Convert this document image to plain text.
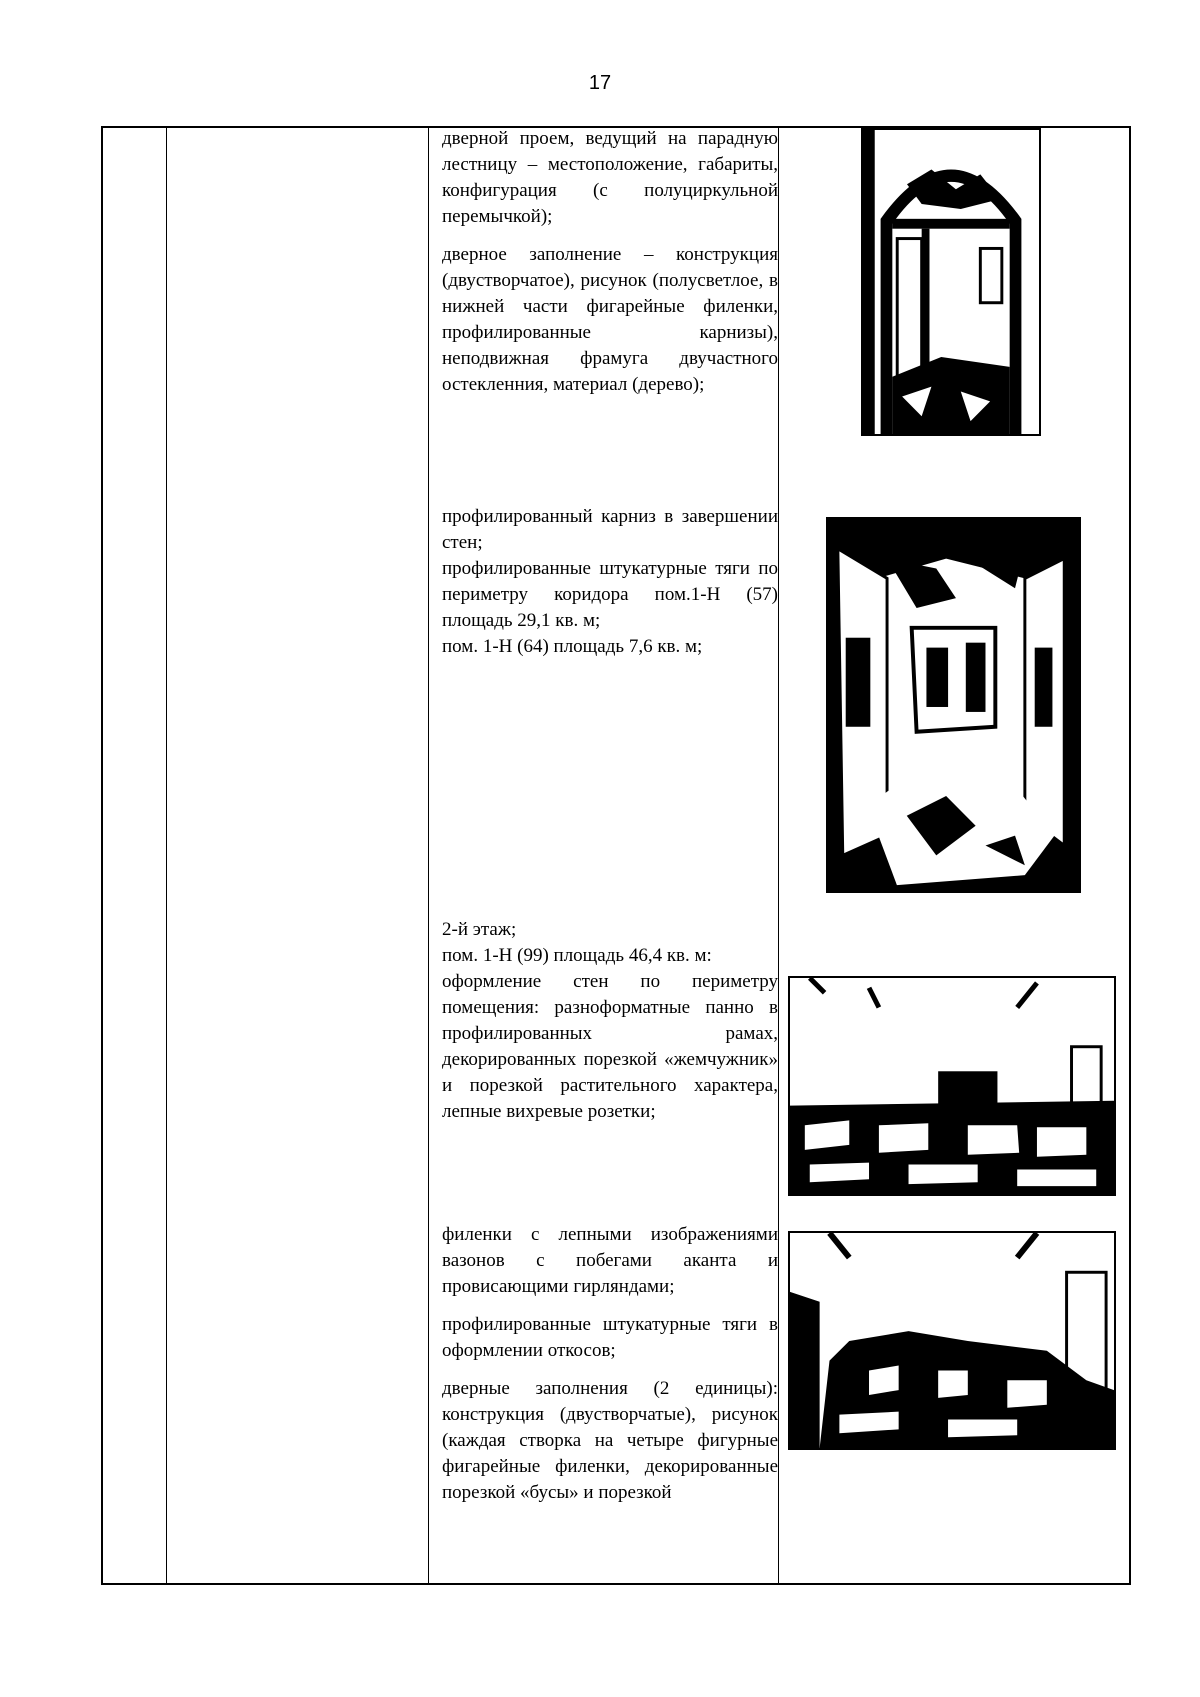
17

дверной проем, ведущий на парадную лестницу – местоположение, габариты, конфигурация (с полуциркульной перемычкой);

дверное заполнение – конструкция (двустворчатое), рисунок (полусветлое, в нижней части фигарейные филенки, профилированные карнизы), неподвижная фрамуга двучастного остекленния, материал (дерево);

профилированный карниз в завершении стен;

профилированные штукатурные тяги по периметру коридора пом.1-Н (57) площадь 29,1 кв. м;

пом. 1-Н (64) площадь 7,6 кв. м;

2-й этаж;

пом. 1-Н (99) площадь 46,4 кв. м:

оформление стен по периметру помещения: разноформатные панно в профилированных рамах, декорированных порезкой «жемчужник» и порезкой растительного характера, лепные вихревые розетки;

филенки с лепными изображениями вазонов с побегами аканта и провисающими гирляндами;

профилированные штукатурные тяги в оформлении откосов;

дверные заполнения (2 единицы): конструкция (двустворчатые), рисунок (каждая створка на четыре фигурные фигарейные филенки, декорированные порезкой «бусы» и порезкой
